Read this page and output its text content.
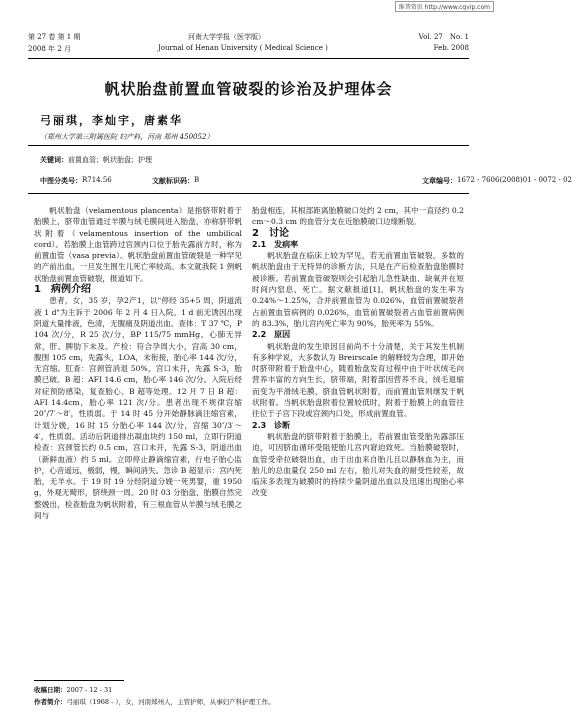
维普资讯 http://www.cqvip.com
第 27 卷 第 1 期	河南大学学报（医学版）	Vol. 27　No. 1
2008 年 2 月	Journal of Henan University ( Medical Science )	Feb. 2008
帆状胎盘前置血管破裂的诊治及护理体会
弓丽琪，李灿宇，唐素华
（郑州大学第三附属医院 妇产科，河南 郑州 450052）
关键词：前置血管；帆状胎盘；护理
中图分类号： R714.56	文献标识码： B	文章编号： 1672 - 7606(2008)01 - 0072 - 02

帆状胎盘（velamentous plancenta）是指脐带附着于胎膜上，脐带血管通过羊膜与绒毛膜间进入胎盘，亦称脐带帆状附着（velamentous insertion of the umbilical cord）。若胎膜上血管跨过宫颈内口位于胎先露前方时，称为前置血管（vasa previa）。帆状胎盘前置血管破裂是一种罕见的产前出血，一旦发生围生儿死亡率较高。本文就我院 1 例帆状胎盘前置血管破裂，报道如下。

1　病例介绍

患者，女，35 岁，孕2产1，以"停经 35+5 周，阴道流液 1 d"为主诉于 2006 年 2 月 4 日入院。1 d 前无诱因出现阴道大量排液，色清，无腹痛及阴道出血。查体：T 37 ℃，P 104 次/分，R 25 次/分，BP 115/75 mmHg，心肺无异常，肝、脾肋下未及。产检：符合孕周大小，宫高 30 cm，腹围 105 cm，先露头，LOA，未衔接，胎心率 144 次/分，无宫缩。肛查：宫颈管消退 50%，宫口未开，先露 S-3，胎膜已破。B 超：AFI 14.6 cm，胎心率 146 次/分。入院后经对症预防感染，复查胎心、B 超等处理。12 月 7 日 B 超：AFI 14.4cm，胎心率 121 次/分。患者出现不规律宫缩 20″/7′～8′，性质弱。于 14 时 45 分开始静脉滴注缩宫素，计划分娩，16 时 15 分胎心率 144 次/分，宫缩 30″/3′～4′，性质弱。活动后阴道排出凝血块约 150 ml，立即行阴道检查：宫颈管长约 0.5 cm，宫口未开，先露 S-3，阴道出血（新鲜血液）约 5 ml。立即停止静滴缩宫素，行电子胎心监护，心音遥远，极弱，慢，瞬间消失。急诊 B 超显示：宫内死胎，无羊水。于 19 时 19 分经阴道分娩一死男婴，重 1950 g，外观无畸形，脐绕颈一周。20 时 03 分胎盘、胎膜自然完整娩出，检查胎盘为帆状附着，有三根血管从羊膜与绒毛膜之间与

胎盘相连，其根部距离胎膜破口处约 2 cm，其中一直径约 0.2 cm～0.3 cm 的血管分支在近胎膜破口边缘断裂。

2　讨论

2.1　发病率

帆状胎盘在临床上较为罕见，若无前置血管破裂，多数的帆状胎盘由于无特异的诊断方法，只是在产后检查胎盘胎膜时被诊断。若前置血管破裂则会引起胎儿急性缺血、缺氧并在短时间内窒息、死亡。据文献报道[1]，帆状胎盘的发生率为 0.24%～1.25%，合并前置血管为 0.026%，血管前置破裂者占前置血管病例的 0.026%，血管前置破裂者占血管前置病例的 83.3%，胎儿宫内死亡率为 90%，胎死率为 55%。

2.2　原因

帆状胎盘的发生原因目前尚不十分清楚，关于其发生机制有多种学说，大多数认为 Breirscale 的解释较为合理，即开始时脐带附着于胎盘中心，随着胎盘发育过程中由于叶状绒毛向营养丰富的方向生长，脐带端，附着部因营养不良，绒毛退缩而变为平滑绒毛膜，脐血管帆状附着，而前置血管则继发于帆状附着。当帆状胎盘附着位置较低时，附着于胎膜上的血管往往位于子宫下段或宫颈内口处，形成前置血管。

2.3　诊断

帆状胎盘的脐带附着于胎膜上，若前置血管受胎先露部压迫，可因脐血循环受阻使胎儿宫内窘迫致死。当胎膜破裂时，血管受牵拉破裂出血，由于出血来自胎儿且以静脉血为主，而胎儿的总血量仅 250 ml 左右，胎儿对失血的耐受性较差，故临床多表现为破膜时的持续少量阴道出血以及迅速出现胎心率改变

收稿日期：2007 - 12 - 31
作者简介：弓丽琪（1968 - ），女，河南郑州人，主管护师，从事妇产科护理工作。
